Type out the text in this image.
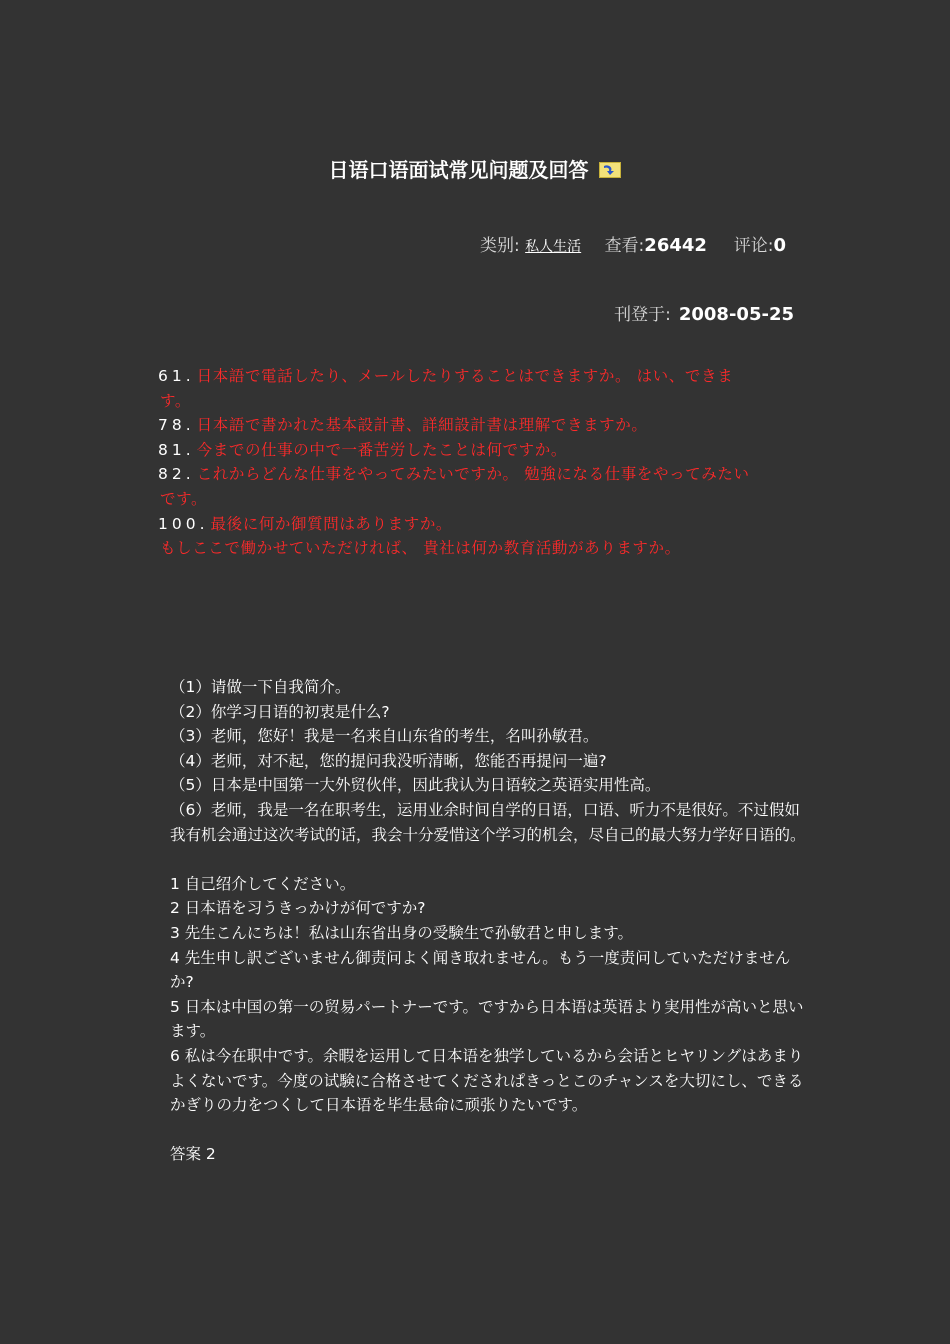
日语口语面试常见问题及回答
类别: 私人生活 查看:26442 评论:0
刊登于: 2008-05-25
61. 日本語で電話したり、メールしたりすることはできますか。 はい、できま
す。
78. 日本語で書かれた基本設計書、詳細設計書は理解できますか。
81. 今までの仕事の中で一番苦労したことは何ですか。
82. これからどんな仕事をやってみたいですか。 勉強になる仕事をやってみたい
です。
100. 最後に何か御質問はありますか。
もしここで働かせていただければ、 貴社は何か教育活動がありますか。

（1）请做一下自我简介。

（2）你学习日语的初衷是什么?

（3）老师，您好！我是一名来自山东省的考生，名叫孙敏君。

（4）老师，对不起，您的提问我没听清晰，您能否再提问一遍?

（5）日本是中国第一大外贸伙伴，因此我认为日语较之英语实用性高。

（6）老师，我是一名在职考生，运用业余时间自学的日语，口语、听力不是很好。不过假如我有机会通过这次考试的话，我会十分爱惜这个学习的机会，尽自己的最大努力学好日语的。

1 自己绍介してください。

2 日本语を习うきっかけが何ですか?

3 先生こんにちは！私は山东省出身の受験生で孙敏君と申します。

4 先生申し訳ございません御责问よく闻き取れません。もう一度责问していただけませんか?

5 日本は中国の第一の贸易パートナーです。ですから日本语は英语より実用性が高いと思います。

6 私は今在职中です。余暇を运用して日本语を独学しているから会话とヒヤリングはあまりよくないです。今度の试験に合格させてくだされぱきっとこのチャンスを大切にし、できるかぎりの力をつくして日本语を毕生悬命に顽张りたいです。

答案 2
